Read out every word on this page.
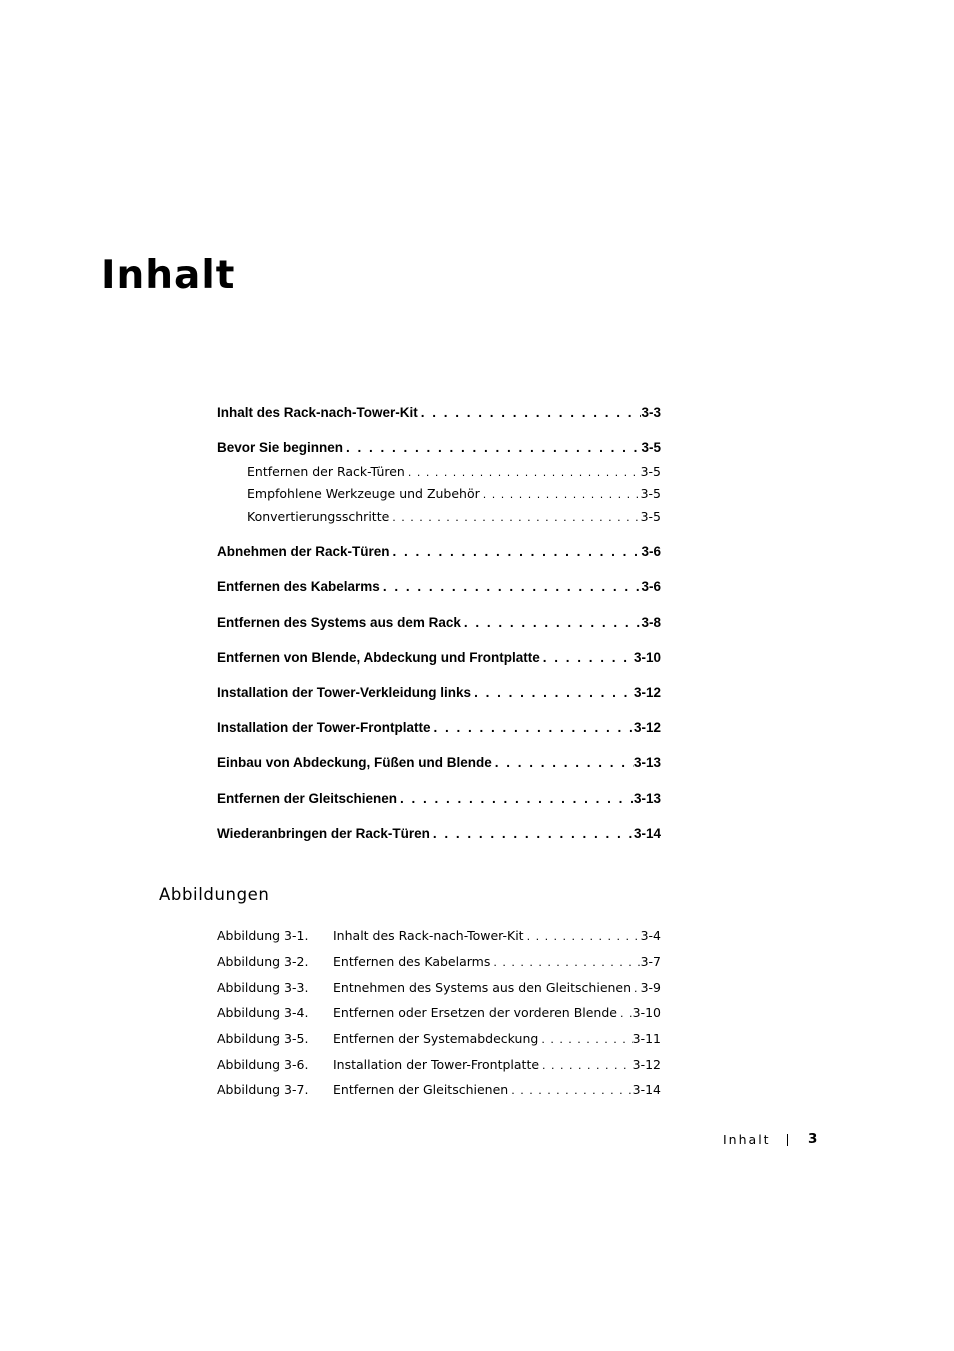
Inhalt
Inhalt des Rack-nach-Tower-Kit . . .	3-3
Bevor Sie beginnen . . .	3-5
Entfernen der Rack-Türen . . .	3-5
Empfohlene Werkzeuge und Zubehör . . .	3-5
Konvertierungsschritte . . .	3-5
Abnehmen der Rack-Türen . . .	3-6
Entfernen des Kabelarms . . .	3-6
Entfernen des Systems aus dem Rack . . .	3-8
Entfernen von Blende, Abdeckung und Frontplatte . . .	3-10
Installation der Tower-Verkleidung links . . .	3-12
Installation der Tower-Frontplatte . . .	3-12
Einbau von Abdeckung, Füßen und Blende . . .	3-13
Entfernen der Gleitschienen . . .	3-13
Wiederanbringen der Rack-Türen . . .	3-14
Abbildungen
Abbildung 3-1.	Inhalt des Rack-nach-Tower-Kit . . .	3-4
Abbildung 3-2.	Entfernen des Kabelarms . . .	3-7
Abbildung 3-3.	Entnehmen des Systems aus den Gleitschienen . . . 3-9
Abbildung 3-4.	Entfernen oder Ersetzen der vorderen Blende . . . 3-10
Abbildung 3-5.	Entfernen der Systemabdeckung . . .	3-11
Abbildung 3-6.	Installation der Tower-Frontplatte . . .	3-12
Abbildung 3-7.	Entfernen der Gleitschienen . . .	3-14
Inhalt	3
